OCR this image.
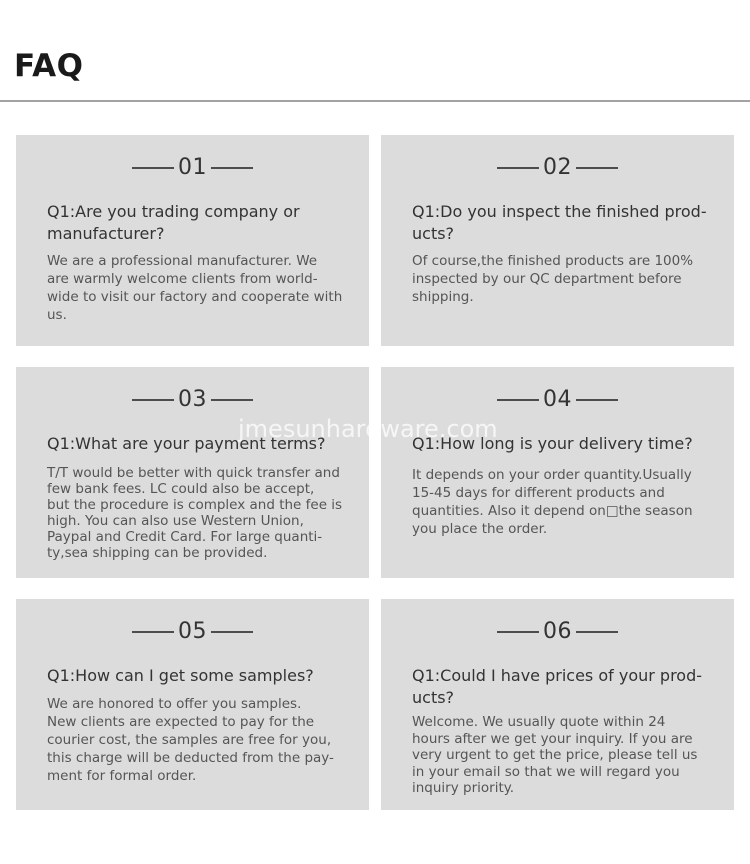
FAQ
01

Q1:Are you trading company or manufacturer?

We are a professional manufacturer. We
are warmly welcome clients from world-
wide to visit our factory and cooperate with
us.

02

Q1:Do you inspect the finished prod-ucts?

Of course,the finished products are 100%
inspected by our QC department before
shipping.

03

Q1:What are your payment terms?

T/T would be better with quick transfer and
few bank fees. LC could also be accept,
but the procedure is complex and the fee is
high. You can also use Western Union,
Paypal and Credit Card. For large quanti-
ty,sea shipping can be provided.

04

Q1:How long is your delivery time?

It depends on your order quantity.Usually
15-45 days for different products and
quantities. Also it depend on□the season
you place the order.

05

Q1:How can I get some samples?

We are honored to offer you samples.
New clients are expected to pay for the
courier cost, the samples are free for you,
this charge will be deducted from the pay-
ment for formal order.

06

Q1:Could I have prices of your prod-ucts?

Welcome. We usually quote within 24
hours after we get your inquiry. If you are
very urgent to get the price, please tell us
in your email so that we will regard you
inquiry priority.

jmesunhardware.com
